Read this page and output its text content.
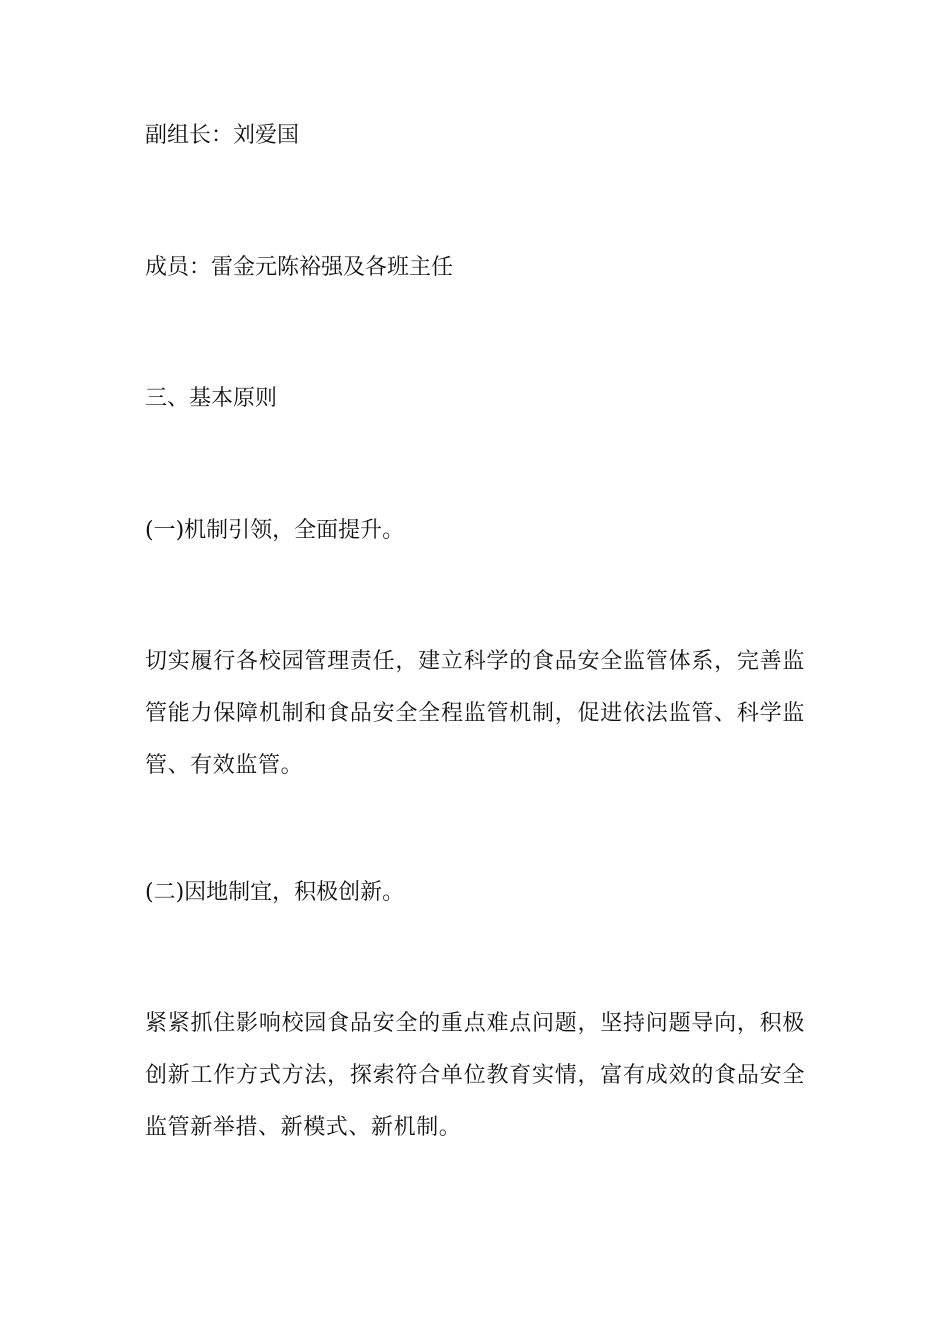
副组长：刘爱国
成员：雷金元陈裕强及各班主任
三、基本原则
(一)机制引领，全面提升。
切实履行各校园管理责任，建立科学的食品安全监管体系，完善监管能力保障机制和食品安全全程监管机制，促进依法监管、科学监管、有效监管。
(二)因地制宜，积极创新。
紧紧抓住影响校园食品安全的重点难点问题，坚持问题导向，积极创新工作方式方法，探索符合单位教育实情，富有成效的食品安全监管新举措、新模式、新机制。
